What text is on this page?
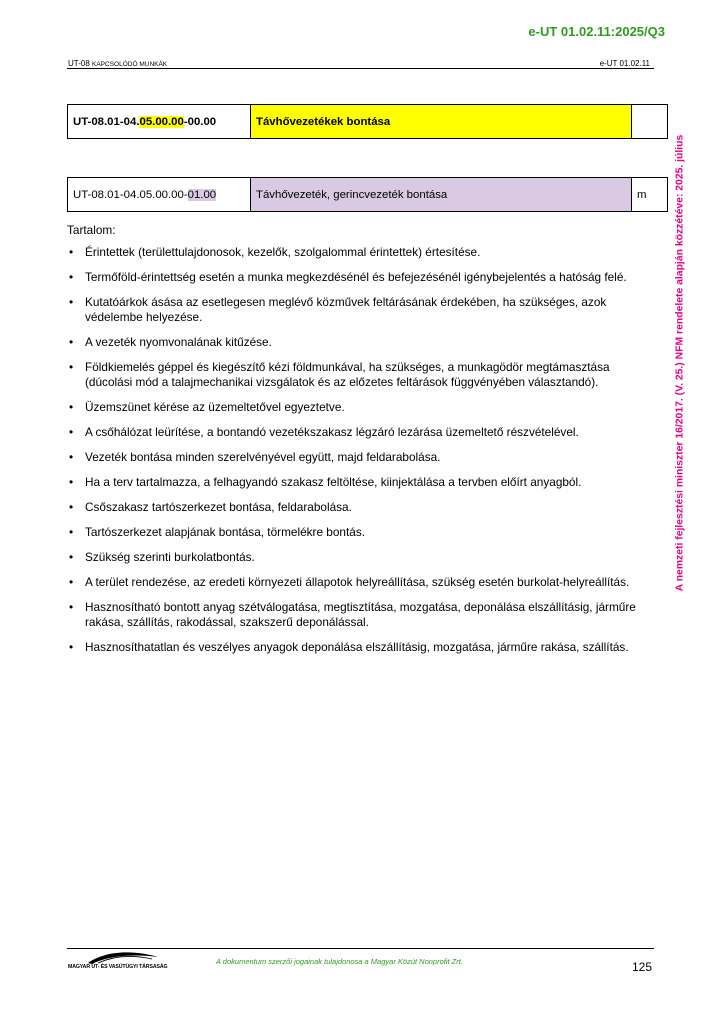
e-UT 01.02.11:2025/Q3
UT-08 KAPCSOLÓDÓ MUNKÁK	e-UT 01.02.11
A nemzeti fejlesztési miniszter 16/2017. (V. 25.) NFM rendelete alapján közzétéve: 2025. július
UT-08.01-04.05.00.00-00.00	Távhővezetékek bontása	
UT-08.01-04.05.00.00-01.00	Távhővezeték, gerincvezeték bontása	m
Tartalom:
• Érintettek (területtulajdonosok, kezelők, szolgalommal érintettek) értesítése.
• Termőföld-érintettség esetén a munka megkezdésénél és befejezésénél igénybejelentés a hatóság felé.
• Kutatóárkok ásása az esetlegesen meglévő közművek feltárásának érdekében, ha szükséges, azok védelembe helyezése.
• A vezeték nyomvonalának kitűzése.
• Földkiemelés géppel és kiegészítő kézi földmunkával, ha szükséges, a munkagödör megtámasztása (dúcolási mód a talajmechanikai vizsgálatok és az előzetes feltárások függvényében választandó).
• Üzemszünet kérése az üzemeltetővel egyeztetve.
• A csőhálózat leürítése, a bontandó vezetékszakasz légzáró lezárása üzemeltető részvételével.
• Vezeték bontása minden szerelvényével együtt, majd feldarabolása.
• Ha a terv tartalmazza, a felhagyandó szakasz feltöltése, kiinjektálása a tervben előírt anyagból.
• Csőszakasz tartószerkezet bontása, feldarabolása.
• Tartószerkezet alapjának bontása, törmelékre bontás.
• Szükség szerinti burkolatbontás.
• A terület rendezése, az eredeti környezeti állapotok helyreállítása, szükség esetén burkolat-helyreállítás.
• Hasznosítható bontott anyag szétválogatása, megtisztítása, mozgatása, deponálása elszállításig, járműre rakása, szállítás, rakodással, szakszerű deponálással.
• Hasznosíthatatlan és veszélyes anyagok deponálása elszállításig, mozgatása, járműre rakása, szállítás.
MAGYAR ÚT- ÉS VASÚTÜGYI TÁRSASÁG
A dokumentum szerzői jogainak tulajdonosa a Magyar Közút Nonprofit Zrt.	125
